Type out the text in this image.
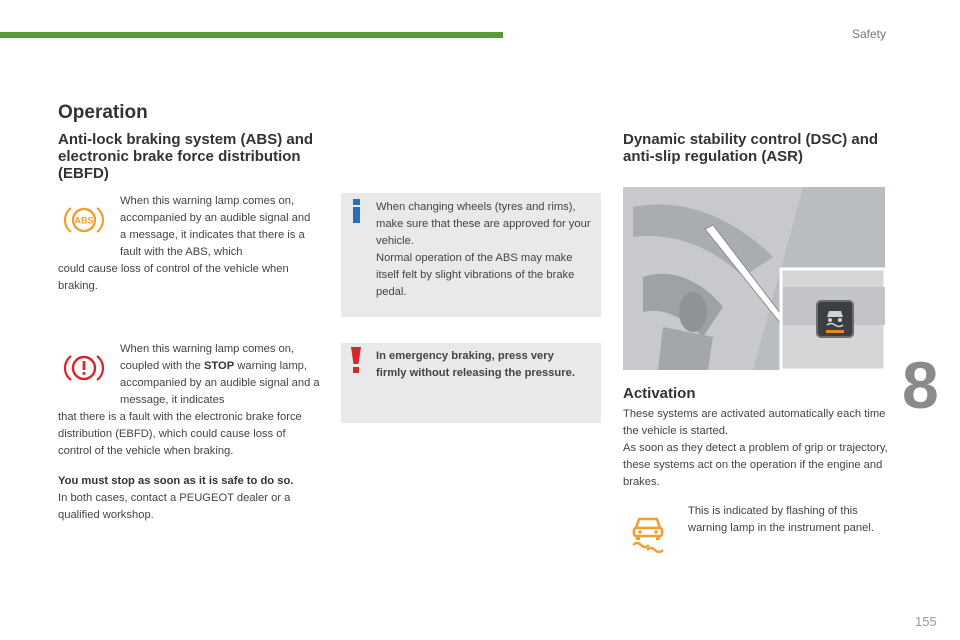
Safety
8
155
Operation
Anti-lock braking system (ABS) and electronic brake force distribution (EBFD)
ABS
When this warning lamp comes on, accompanied by an audible signal and a message, it indicates that there is a fault with the ABS, which
could cause loss of control of the vehicle when braking.
When this warning lamp comes on, coupled with the STOP warning lamp, accompanied by an audible signal and a message, it indicates
that there is a fault with the electronic brake force distribution (EBFD), which could cause loss of control of the vehicle when braking.
You must stop as soon as it is safe to do so.
In both cases, contact a PEUGEOT dealer or a qualified workshop.

When changing wheels (tyres and rims), make sure that these are approved for your vehicle.

Normal operation of the ABS may make itself felt by slight vibrations of the brake pedal.

In emergency braking, press very firmly without releasing the pressure.
Dynamic stability control (DSC) and anti-slip regulation (ASR)
Activation

These systems are activated automatically each time the vehicle is started.

As soon as they detect a problem of grip or trajectory, these systems act on the operation if the engine and brakes.

This is indicated by flashing of this warning lamp in the instrument panel.
